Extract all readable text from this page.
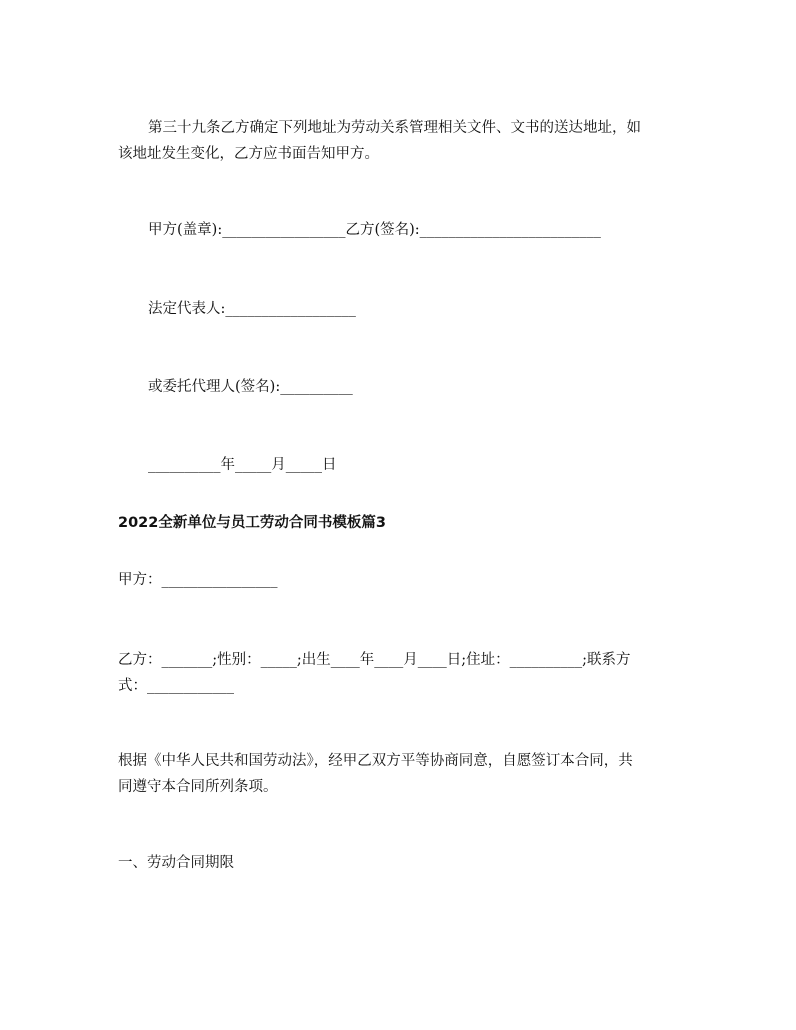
第三十九条乙方确定下列地址为劳动关系管理相关文件、文书的送达地址，如
该地址发生变化，乙方应书面告知甲方。
甲方(盖章):_________________乙方(签名):_________________________
法定代表人:__________________
或委托代理人(签名):__________
__________年_____月_____日
2022全新单位与员工劳动合同书模板篇3
甲方：________________
乙方：_______;性别：_____;出生____年____月____日;住址：__________;联系方
式：____________
根据《中华人民共和国劳动法》，经甲乙双方平等协商同意，自愿签订本合同，共
同遵守本合同所列条项。
一、劳动合同期限
